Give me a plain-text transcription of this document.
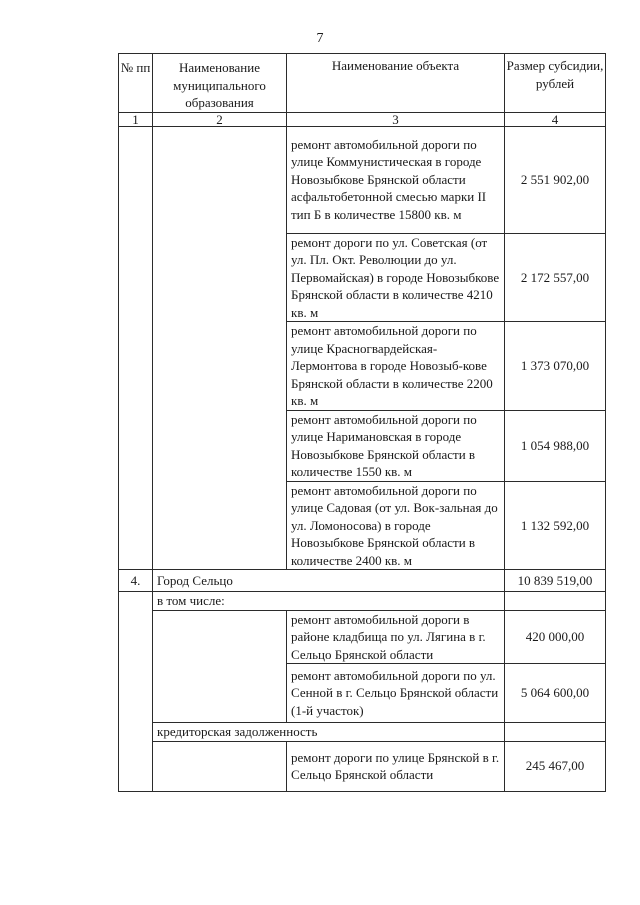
7
№ пп	Наименование муниципального образования	Наименование объекта	Размер субсидии, рублей
1	2	3	4
		ремонт автомобильной дороги по улице Коммунистическая в городе Новозыбкове Брянской области асфальтобетонной смесью марки II тип Б в количестве 15800 кв. м	2 551 902,00
		ремонт дороги по ул. Советская (от ул. Пл. Окт. Революции до ул. Первомайская) в городе Новозыбкове Брянской области в количестве 4210 кв. м	2 172 557,00
		ремонт автомобильной дороги по улице Красногвардейская-Лермонтова в городе Новозыб-кове Брянской области в количестве 2200 кв. м	1 373 070,00
		ремонт автомобильной дороги по улице Наримановская в городе Новозыбкове Брянской области в количестве 1550 кв. м	1 054 988,00
		ремонт автомобильной дороги по улице Садовая (от ул. Вок-зальная до ул. Ломоносова) в городе Новозыбкове Брянской области в количестве 2400 кв. м	1 132 592,00
4.	Город Сельцо		10 839 519,00
	в том числе:		
		ремонт автомобильной дороги в районе кладбища по ул. Лягина в г. Сельцо Брянской области	420 000,00
		ремонт автомобильной дороги по ул. Сенной в г. Сельцо Брянской области (1-й участок)	5 064 600,00
	кредиторская задолженность		
		ремонт дороги по улице Брянской в г. Сельцо Брянской области	245 467,00
